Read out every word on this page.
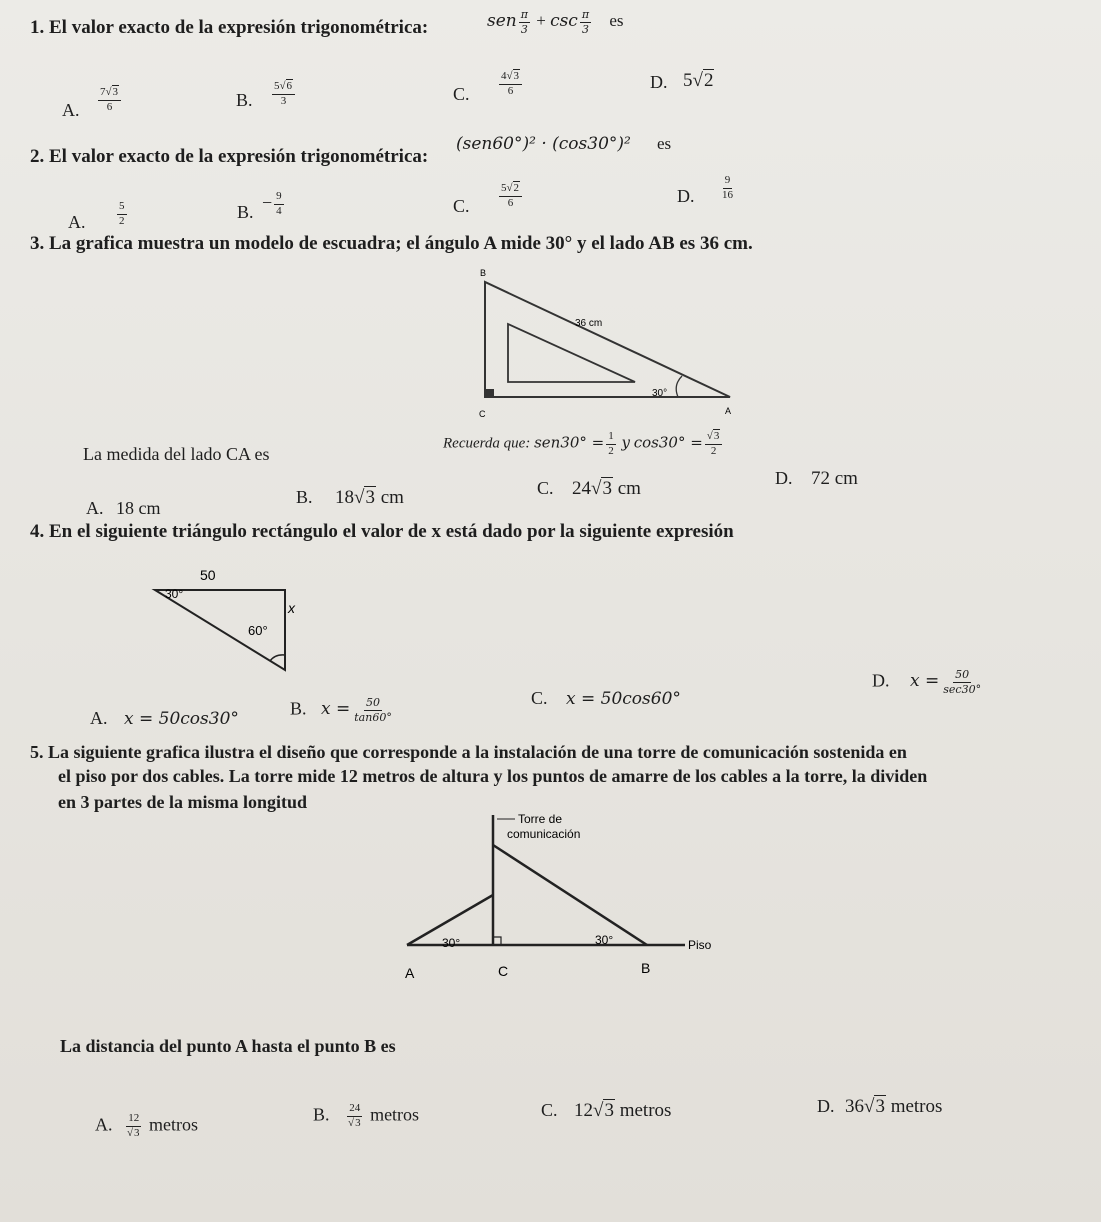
1. El valor exacto de la expresión trigonométrica:	sen $\frac{\pi}{3} + \csc \frac{\pi}{3}$ es
A. $\frac{7√3}{6}$	B. $\frac{5√6}{3}$	C.	$\frac{4√3}{6}$	D. 5√2
2. El valor exacto de la expresión trigonométrica:
(sen60°)² · (cos30°)² es
A.	$\frac{5}{2}$	B. − $\frac{9}{4}$	C.	$\frac{5√2}{6}$	D. $\frac{9}{16}$
3. La grafica muestra un modelo de escuadra; el ángulo A mide 30° y el lado AB es 36 cm.
B
36 cm
30°
C	A
La medida del lado CA es
Recuerda que: $sen30^\circ = \frac{1}{2}$ y $\cos 30^\circ = \frac{√3}{2}$
A. 18 cm
B. 18√3 cm	C. 24√3 cm	D. 72 cm
4. En el siguiente triángulo rectángulo el valor de x está dado por la siguiente expresión
50
30°
x
60°
A. x = 50cos30°
B. $x = \frac{50}{\tan 60^\circ}$	C. x = 50cos60°
D. $x = \frac{50}{\sec 30^\circ}$
5. La siguiente grafica ilustra el diseño que corresponde a la instalación de una torre de comunicación sostenida en
el piso por dos cables. La torre mide 12 metros de altura y los puntos de amarre de los cables a la torre, la dividen
en 3 partes de la misma longitud
Torre de
comunicación
30°	30°	Piso
A	C	B
La distancia del punto A hasta el punto B es
A. $\frac{12}{√3}$ metros	B. $\frac{24}{√3}$ metros	C. 12√3 metros	D. 36√3 metros
